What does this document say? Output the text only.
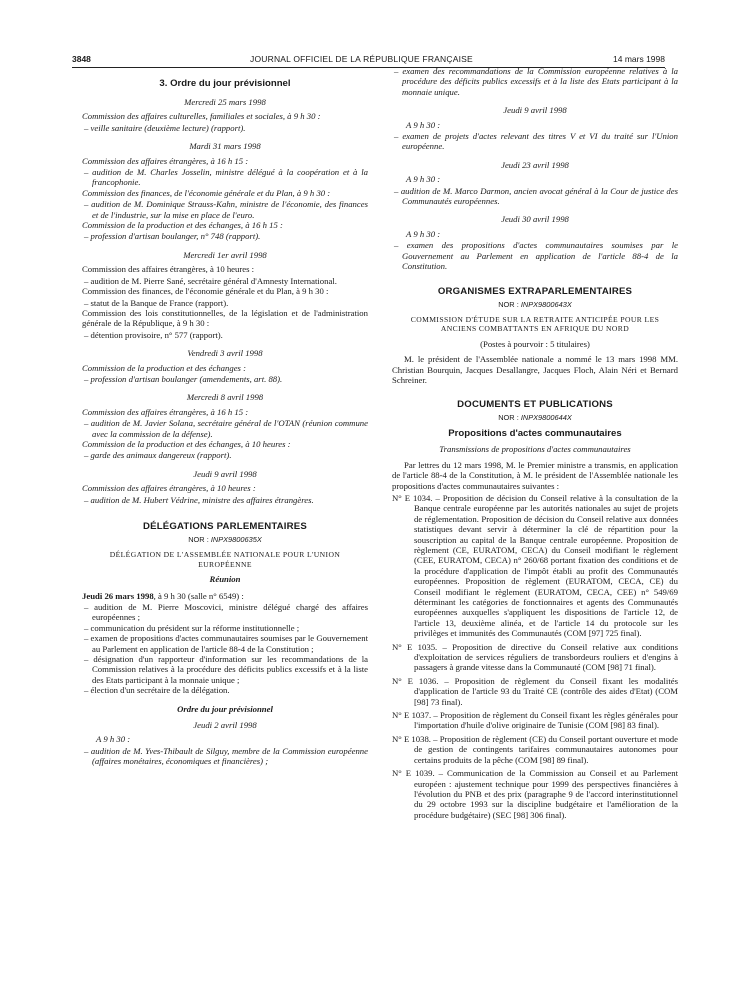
3848	JOURNAL OFFICIEL DE LA RÉPUBLIQUE FRANÇAISE	14 mars 1998
3. Ordre du jour prévisionnel
Mercredi 25 mars 1998

Commission des affaires culturelles, familiales et sociales, à 9 h 30 :

– veille sanitaire (deuxième lecture) (rapport).

Mardi 31 mars 1998

Commission des affaires étrangères, à 16 h 15 :

– audition de M. Charles Josselin, ministre délégué à la coopération et à la francophonie.

Commission des finances, de l'économie générale et du Plan, à 9 h 30 :

– audition de M. Dominique Strauss-Kahn, ministre de l'économie, des finances et de l'industrie, sur la mise en place de l'euro.

Commission de la production et des échanges, à 16 h 15 :

– profession d'artisan boulanger, n° 748 (rapport).

Mercredi 1er avril 1998

Commission des affaires étrangères, à 10 heures :

– audition de M. Pierre Sané, secrétaire général d'Amnesty International.

Commission des finances, de l'économie générale et du Plan, à 9 h 30 :

– statut de la Banque de France (rapport).

Commission des lois constitutionnelles, de la législation et de l'administration générale de la République, à 9 h 30 :

– détention provisoire, n° 577 (rapport).

Vendredi 3 avril 1998

Commission de la production et des échanges :

– profession d'artisan boulanger (amendements, art. 88).

Mercredi 8 avril 1998

Commission des affaires étrangères, à 16 h 15 :

– audition de M. Javier Solana, secrétaire général de l'OTAN (réunion commune avec la commission de la défense).

Commission de la production et des échanges, à 10 heures :

– garde des animaux dangereux (rapport).

Jeudi 9 avril 1998

Commission des affaires étrangères, à 10 heures :

– audition de M. Hubert Védrine, ministre des affaires étrangères.

DÉLÉGATIONS PARLEMENTAIRES
NOR : INPX9800635X
DÉLÉGATION DE L'ASSEMBLÉE NATIONALE POUR L'UNION EUROPÉENNE
Réunion

Jeudi 26 mars 1998, à 9 h 30 (salle n° 6549) :

– audition de M. Pierre Moscovici, ministre délégué chargé des affaires européennes ;

– communication du président sur la réforme institutionnelle ;

– examen de propositions d'actes communautaires soumises par le Gouvernement au Parlement en application de l'article 88-4 de la Constitution ;

– désignation d'un rapporteur d'information sur les recommandations de la Commission relatives à la procédure des déficits publics excessifs et à la liste des Etats participant à la monnaie unique ;

– élection d'un secrétaire de la délégation.

Ordre du jour prévisionnel
Jeudi 2 avril 1998

A 9 h 30 :

– audition de M. Yves-Thibault de Silguy, membre de la Commission européenne (affaires monétaires, économiques et financières) ;

– examen des recommandations de la Commission européenne relatives à la procédure des déficits publics excessifs et à la liste des Etats participant à la monnaie unique.

Jeudi 9 avril 1998

A 9 h 30 :

– examen de projets d'actes relevant des titres V et VI du traité sur l'Union européenne.

Jeudi 23 avril 1998

A 9 h 30 :

– audition de M. Marco Darmon, ancien avocat général à la Cour de justice des Communautés européennes.

Jeudi 30 avril 1998

A 9 h 30 :

– examen des propositions d'actes communautaires soumises par le Gouvernement au Parlement en application de l'article 88-4 de la Constitution.

ORGANISMES EXTRAPARLEMENTAIRES
NOR : INPX9800643X
COMMISSION D'ÉTUDE SUR LA RETRAITE ANTICIPÉE POUR LES ANCIENS COMBATTANTS EN AFRIQUE DU NORD
(Postes à pourvoir : 5 titulaires)

M. le président de l'Assemblée nationale a nommé le 13 mars 1998 MM. Christian Bourquin, Jacques Desallangre, Jacques Floch, Alain Néri et Bernard Schreiner.

DOCUMENTS ET PUBLICATIONS
NOR : INPX9800644X
Propositions d'actes communautaires
Transmissions de propositions d'actes communautaires

Par lettres du 12 mars 1998, M. le Premier ministre a transmis, en application de l'article 88-4 de la Constitution, à M. le président de l'Assemblée nationale les propositions d'actes communautaires suivantes :

N° E 1034. – Proposition de décision du Conseil relative à la consultation de la Banque centrale européenne par les autorités nationales au sujet de projets de réglementation. Proposition de décision du Conseil relative aux données statistiques devant servir à déterminer la clé de répartition pour la souscription au capital de la Banque centrale européenne. Proposition de règlement (CE, EURATOM, CECA) du Conseil modifiant le règlement (CEE, EURATOM, CECA) n° 260/68 portant fixation des conditions et de la procédure d'application de l'impôt établi au profit des Communautés européennes. Proposition de règlement (EURATOM, CECA, CE) du Conseil modifiant le règlement (EURATOM, CECA, CEE) n° 549/69 déterminant les catégories de fonctionnaires et agents des Communautés européennes auxquelles s'appliquent les dispositions de l'article 12, de l'article 13, deuxième alinéa, et de l'article 14 du protocole sur les privilèges et immunités des Communautés (COM [97] 725 final).

N° E 1035. – Proposition de directive du Conseil relative aux conditions d'exploitation de services réguliers de transbordeurs rouliers et d'engins à passagers à grande vitesse dans la Communauté (COM [98] 71 final).

N° E 1036. – Proposition de règlement du Conseil fixant les modalités d'application de l'article 93 du Traité CE (contrôle des aides d'Etat) (COM [98] 73 final).

N° E 1037. – Proposition de règlement du Conseil fixant les règles générales pour l'importation d'huile d'olive originaire de Tunisie (COM [98] 83 final).

N° E 1038. – Proposition de règlement (CE) du Conseil portant ouverture et mode de gestion de contingents tarifaires communautaires autonomes pour certains produits de la pêche (COM [98] 89 final).

N° E 1039. – Communication de la Commission au Conseil et au Parlement européen : ajustement technique pour 1999 des perspectives financières à l'évolution du PNB et des prix (paragraphe 9 de l'accord interinstitutionnel du 29 octobre 1993 sur la discipline budgétaire et l'amélioration de la procédure budgétaire) (SEC [98] 306 final).
